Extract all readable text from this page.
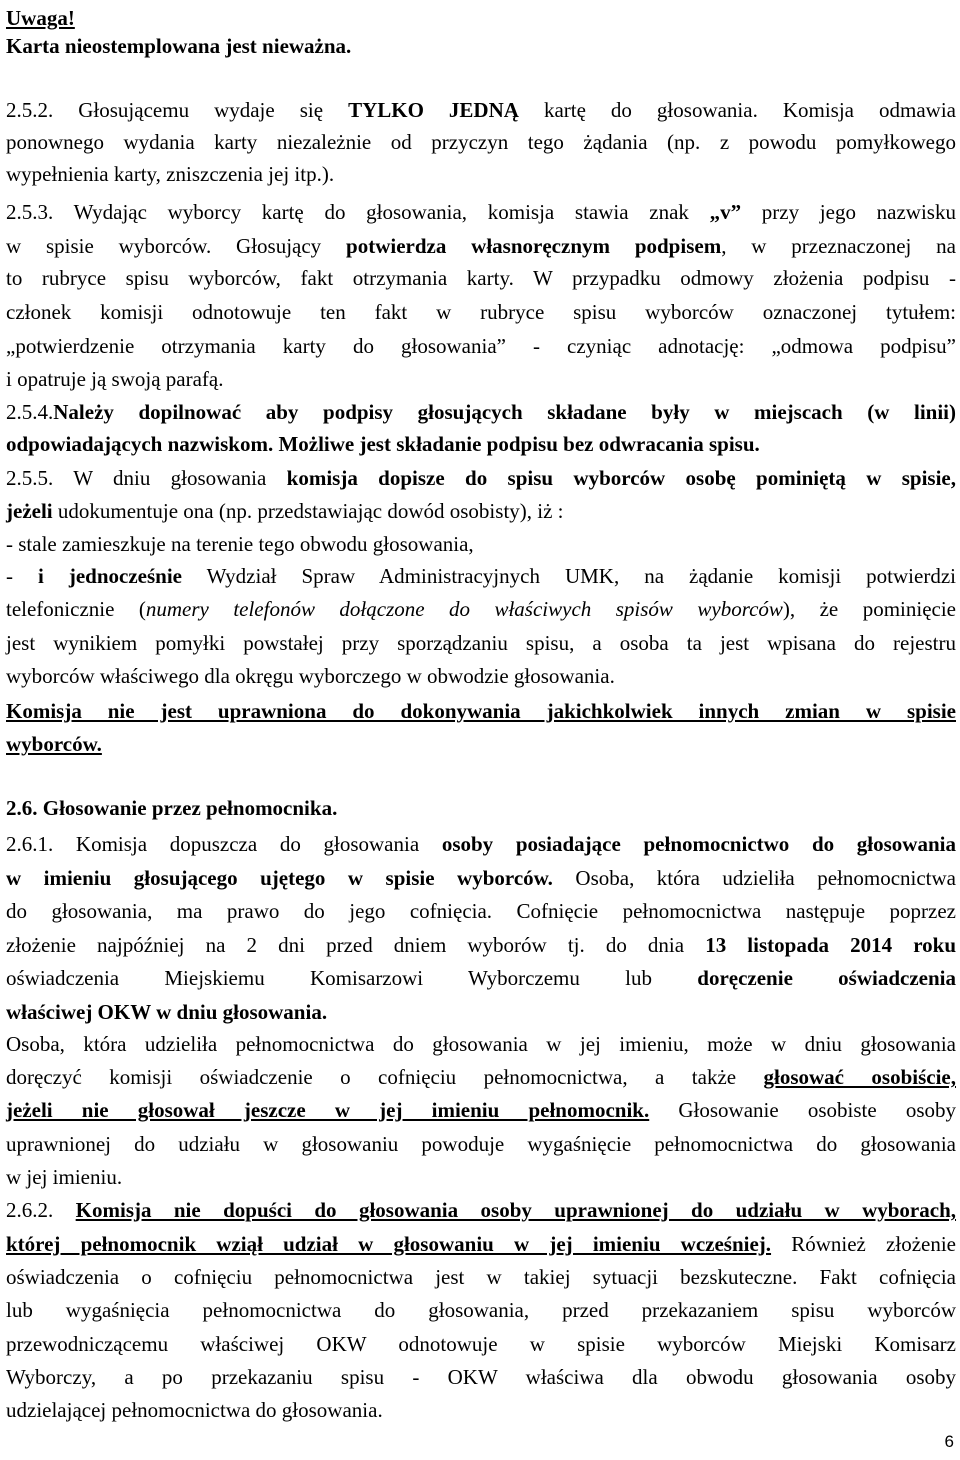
Uwaga!
Karta nieostemplowana jest nieważna.
2.5.2. Głosującemu wydaje się TYLKO JEDNĄ kartę do głosowania. Komisja odmawia
ponownego wydania karty niezależnie od przyczyn tego żądania (np. z powodu pomyłkowego
wypełnienia karty, zniszczenia jej itp.).
2.5.3. Wydając wyborcy kartę do głosowania, komisja stawia znak „v” przy jego nazwisku
w spisie wyborców. Głosujący potwierdza własnoręcznym podpisem, w przeznaczonej na
to rubryce spisu wyborców, fakt otrzymania karty. W przypadku odmowy złożenia podpisu -
członek komisji odnotowuje ten fakt w rubryce spisu wyborców oznaczonej tytułem:
„potwierdzenie otrzymania karty do głosowania” - czyniąc adnotację: „odmowa podpisu”
i opatruje ją swoją parafą.
2.5.4.Należy dopilnować aby podpisy głosujących składane były w miejscach (w linii)
odpowiadających nazwiskom. Możliwe jest składanie podpisu bez odwracania spisu.
2.5.5. W dniu głosowania komisja dopisze do spisu wyborców osobę pominiętą w spisie,
jeżeli udokumentuje ona (np. przedstawiając dowód osobisty), iż :
- stale zamieszkuje na terenie tego obwodu głosowania,
- i jednocześnie Wydział Spraw Administracyjnych UMK, na żądanie komisji potwierdzi
telefonicznie (numery telefonów dołączone do właściwych spisów wyborców), że pominięcie
jest wynikiem pomyłki powstałej przy sporządzaniu spisu, a osoba ta jest wpisana do rejestru
wyborców właściwego dla okręgu wyborczego w obwodzie głosowania.
Komisja nie jest uprawniona do dokonywania jakichkolwiek innych zmian w spisie
wyborców.
2.6. Głosowanie przez pełnomocnika.
2.6.1. Komisja dopuszcza do głosowania osoby posiadające pełnomocnictwo do głosowania
w imieniu głosującego ujętego w spisie wyborców. Osoba, która udzieliła pełnomocnictwa
do głosowania, ma prawo do jego cofnięcia. Cofnięcie pełnomocnictwa następuje poprzez
złożenie najpóźniej na 2 dni przed dniem wyborów tj. do dnia 13 listopada 2014 roku
oświadczenia Miejskiemu Komisarzowi Wyborczemu lub doręczenie oświadczenia
właściwej OKW w dniu głosowania.
Osoba, która udzieliła pełnomocnictwa do głosowania w jej imieniu, może w dniu głosowania
doręczyć komisji oświadczenie o cofnięciu pełnomocnictwa, a także głosować osobiście,
jeżeli nie głosował jeszcze w jej imieniu pełnomocnik. Głosowanie osobiste osoby
uprawnionej do udziału w głosowaniu powoduje wygaśnięcie pełnomocnictwa do głosowania
w jej imieniu.
2.6.2. Komisja nie dopuści do głosowania osoby uprawnionej do udziału w wyborach,
której pełnomocnik wziął udział w głosowaniu w jej imieniu wcześniej. Również złożenie
oświadczenia o cofnięciu pełnomocnictwa jest w takiej sytuacji bezskuteczne. Fakt cofnięcia
lub wygaśnięcia pełnomocnictwa do głosowania, przed przekazaniem spisu wyborców
przewodniczącemu właściwej OKW odnotowuje w spisie wyborców Miejski Komisarz
Wyborczy, a po przekazaniu spisu - OKW właściwa dla obwodu głosowania osoby
udzielającej pełnomocnictwa do głosowania.
6
